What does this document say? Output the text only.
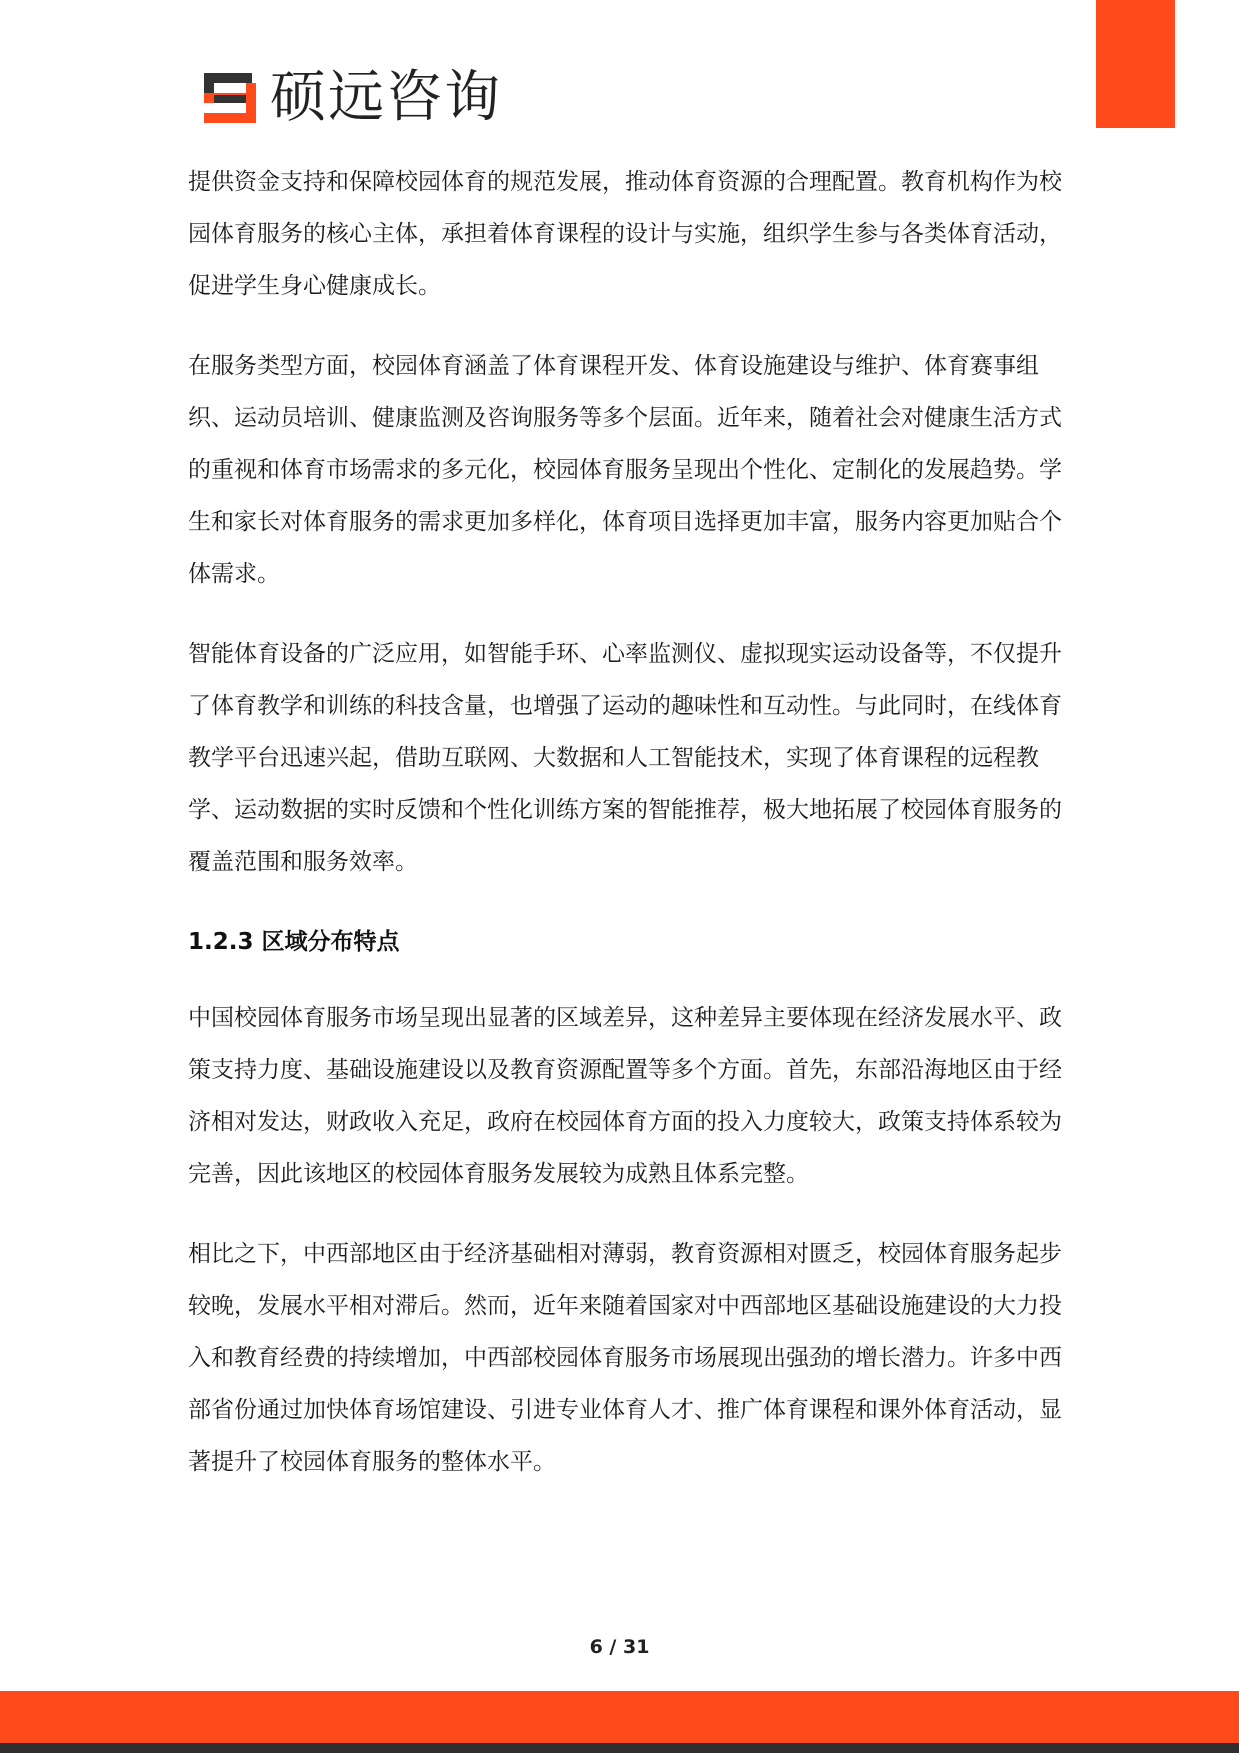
硕远咨询

提供资金支持和保障校园体育的规范发展，推动体育资源的合理配置。教育机构作为校园体育服务的核心主体，承担着体育课程的设计与实施，组织学生参与各类体育活动，促进学生身心健康成长。

在服务类型方面，校园体育涵盖了体育课程开发、体育设施建设与维护、体育赛事组织、运动员培训、健康监测及咨询服务等多个层面。近年来，随着社会对健康生活方式的重视和体育市场需求的多元化，校园体育服务呈现出个性化、定制化的发展趋势。学生和家长对体育服务的需求更加多样化，体育项目选择更加丰富，服务内容更加贴合个体需求。

智能体育设备的广泛应用，如智能手环、心率监测仪、虚拟现实运动设备等，不仅提升了体育教学和训练的科技含量，也增强了运动的趣味性和互动性。与此同时，在线体育教学平台迅速兴起，借助互联网、大数据和人工智能技术，实现了体育课程的远程教学、运动数据的实时反馈和个性化训练方案的智能推荐，极大地拓展了校园体育服务的覆盖范围和服务效率。

1.2.3 区域分布特点

中国校园体育服务市场呈现出显著的区域差异，这种差异主要体现在经济发展水平、政策支持力度、基础设施建设以及教育资源配置等多个方面。首先，东部沿海地区由于经济相对发达，财政收入充足，政府在校园体育方面的投入力度较大，政策支持体系较为完善，因此该地区的校园体育服务发展较为成熟且体系完整。

相比之下，中西部地区由于经济基础相对薄弱，教育资源相对匮乏，校园体育服务起步较晚，发展水平相对滞后。然而，近年来随着国家对中西部地区基础设施建设的大力投入和教育经费的持续增加，中西部校园体育服务市场展现出强劲的增长潜力。许多中西部省份通过加快体育场馆建设、引进专业体育人才、推广体育课程和课外体育活动，显著提升了校园体育服务的整体水平。

6 / 31
